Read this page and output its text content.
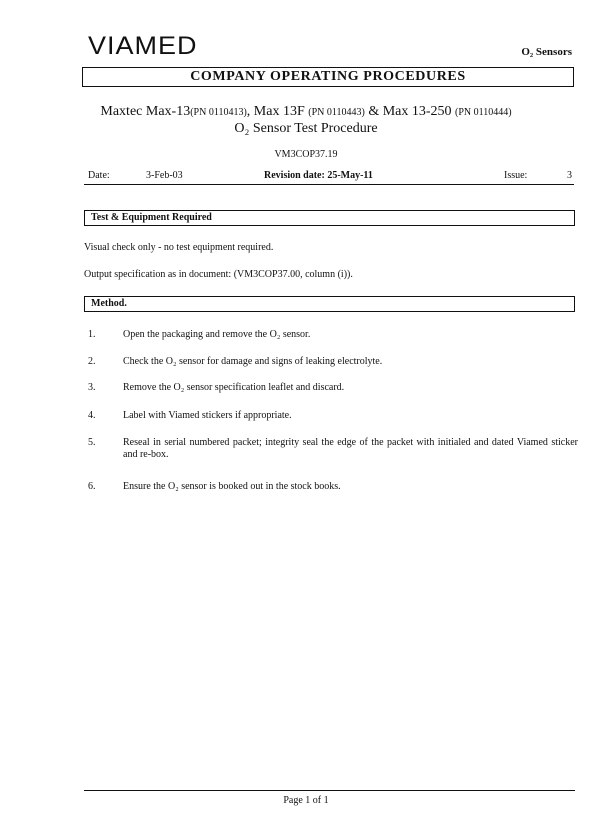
VIAMED	O₂ Sensors
COMPANY OPERATING PROCEDURES
Maxtec Max-13(PN 0110413), Max 13F (PN 0110443) & Max 13-250 (PN 0110444)
O₂ Sensor Test Procedure
VM3COP37.19
Date:	3-Feb-03	Revision date: 25-May-11	Issue:	3
Test & Equipment Required
Visual check only - no test equipment required.
Output specification as in document: (VM3COP37.00, column (i)).
Method.
1.	Open the packaging and remove the O₂ sensor.
2.	Check the O₂ sensor for damage and signs of leaking electrolyte.
3.	Remove the O₂ sensor specification leaflet and discard.
4.	Label with Viamed stickers if appropriate.
5.	Reseal in serial numbered packet; integrity seal the edge of the packet with initialed and dated Viamed sticker and re-box.
6.	Ensure the O₂ sensor is booked out in the stock books.
Page 1 of 1
